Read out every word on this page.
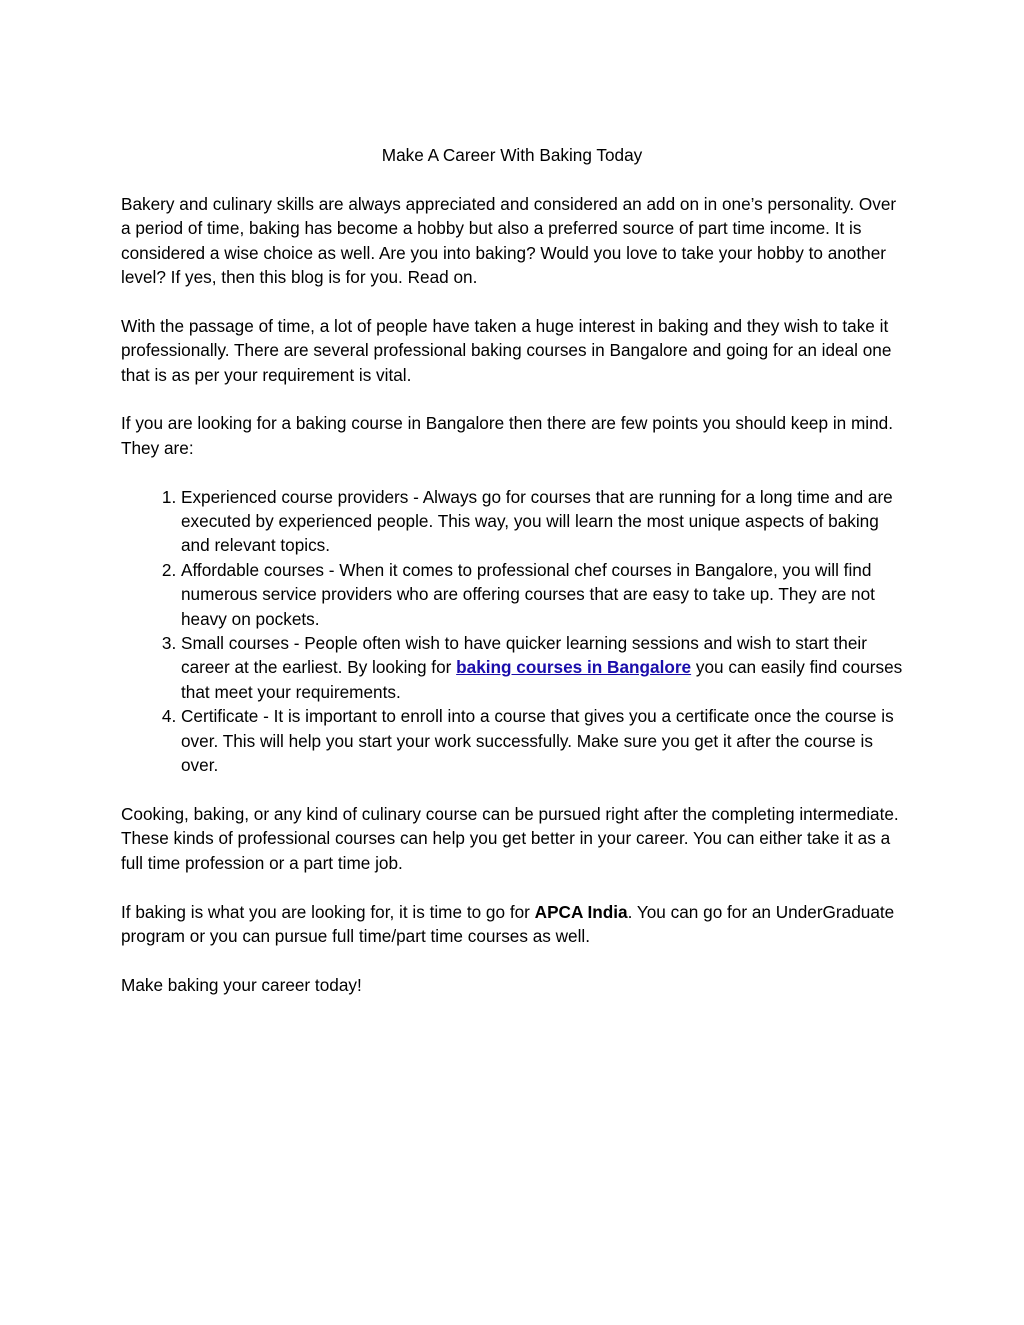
Make A Career With Baking Today

Bakery and culinary skills are always appreciated and considered an add on in one’s personality. Over a period of time, baking has become a hobby but also a preferred source of part time income. It is considered a wise choice as well. Are you into baking? Would you love to take your hobby to another level? If yes, then this blog is for you. Read on.

With the passage of time, a lot of people have taken a huge interest in baking and they wish to take it professionally. There are several professional baking courses in Bangalore and going for an ideal one that is as per your requirement is vital.

If you are looking for a baking course in Bangalore then there are few points you should keep in mind. They are:

1. Experienced course providers - Always go for courses that are running for a long time and are executed by experienced people. This way, you will learn the most unique aspects of baking and relevant topics.
2. Affordable courses - When it comes to professional chef courses in Bangalore, you will find numerous service providers who are offering courses that are easy to take up. They are not heavy on pockets.
3. Small courses - People often wish to have quicker learning sessions and wish to start their career at the earliest. By looking for baking courses in Bangalore you can easily find courses that meet your requirements.
4. Certificate - It is important to enroll into a course that gives you a certificate once the course is over. This will help you start your work successfully. Make sure you get it after the course is over.

Cooking, baking, or any kind of culinary course can be pursued right after the completing intermediate. These kinds of professional courses can help you get better in your career. You can either take it as a full time profession or a part time job.

If baking is what you are looking for, it is time to go for APCA India. You can go for an UnderGraduate program or you can pursue full time/part time courses as well.

Make baking your career today!
